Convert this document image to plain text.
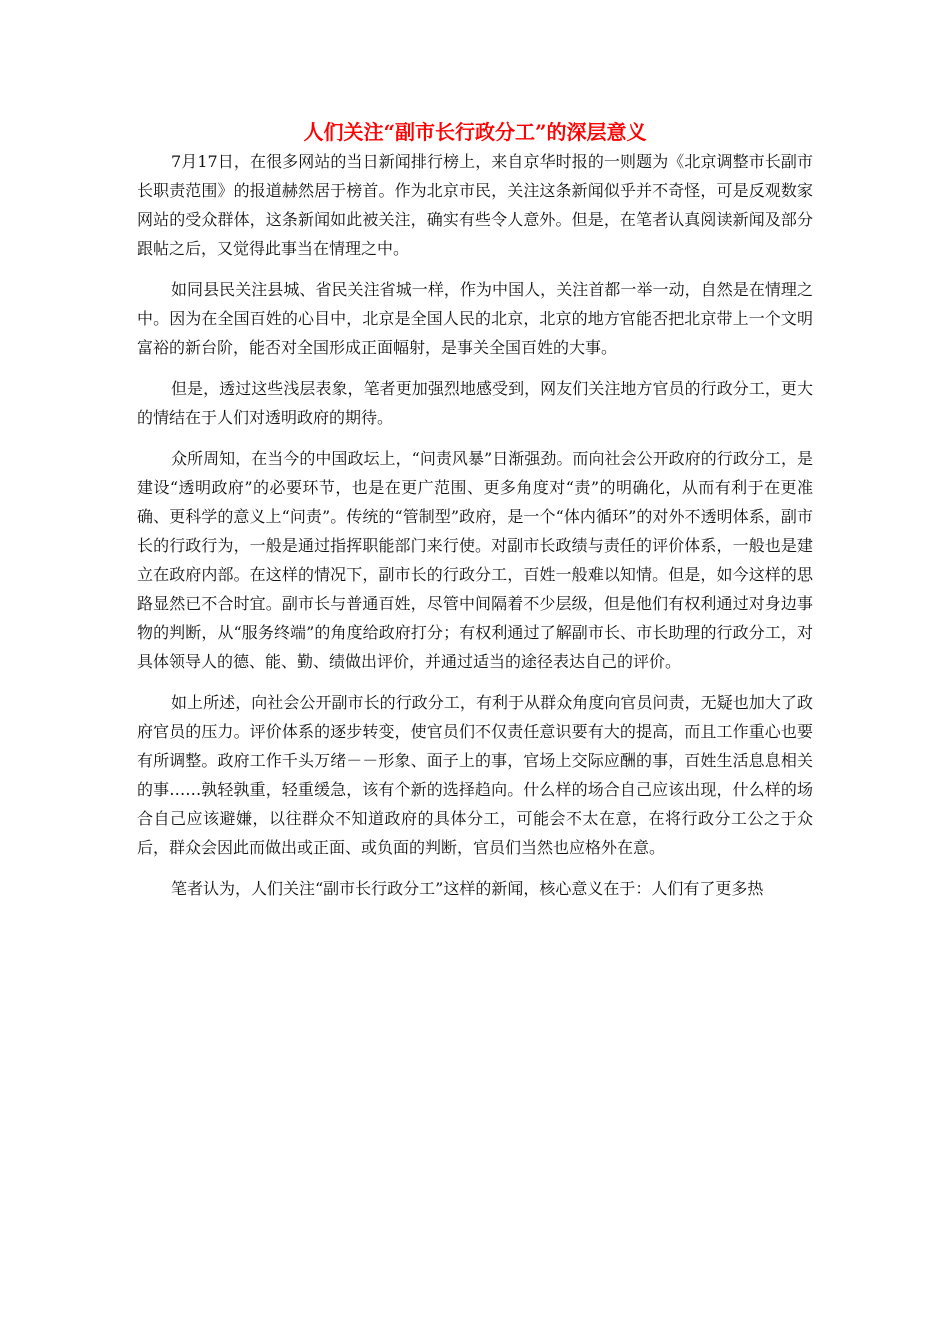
人们关注“副市长行政分工”的深层意义

7月17日，在很多网站的当日新闻排行榜上，来自京华时报的一则题为《北京调整市长副市长职责范围》的报道赫然居于榜首。作为北京市民，关注这条新闻似乎并不奇怪，可是反观数家网站的受众群体，这条新闻如此被关注，确实有些令人意外。但是，在笔者认真阅读新闻及部分跟帖之后，又觉得此事当在情理之中。

如同县民关注县城、省民关注省城一样，作为中国人，关注首都一举一动，自然是在情理之中。因为在全国百姓的心目中，北京是全国人民的北京，北京的地方官能否把北京带上一个文明富裕的新台阶，能否对全国形成正面幅射，是事关全国百姓的大事。

但是，透过这些浅层表象，笔者更加强烈地感受到，网友们关注地方官员的行政分工，更大的情结在于人们对透明政府的期待。

众所周知，在当今的中国政坛上，“问责风暴”日渐强劲。而向社会公开政府的行政分工，是建设“透明政府”的必要环节，也是在更广范围、更多角度对“责”的明确化，从而有利于在更准确、更科学的意义上“问责”。传统的“管制型”政府，是一个“体内循环”的对外不透明体系，副市长的行政行为，一般是通过指挥职能部门来行使。对副市长政绩与责任的评价体系，一般也是建立在政府内部。在这样的情况下，副市长的行政分工，百姓一般难以知情。但是，如今这样的思路显然已不合时宜。副市长与普通百姓，尽管中间隔着不少层级，但是他们有权利通过对身边事物的判断，从“服务终端”的角度给政府打分；有权利通过了解副市长、市长助理的行政分工，对具体领导人的德、能、勤、绩做出评价，并通过适当的途径表达自己的评价。

如上所述，向社会公开副市长的行政分工，有利于从群众角度向官员问责，无疑也加大了政府官员的压力。评价体系的逐步转变，使官员们不仅责任意识要有大的提高，而且工作重心也要有所调整。政府工作千头万绪－－形象、面子上的事，官场上交际应酬的事，百姓生活息息相关的事……孰轻孰重，轻重缓急，该有个新的选择趋向。什么样的场合自己应该出现，什么样的场合自己应该避嫌，以往群众不知道政府的具体分工，可能会不太在意，在将行政分工公之于众后，群众会因此而做出或正面、或负面的判断，官员们当然也应格外在意。

笔者认为，人们关注“副市长行政分工”这样的新闻，核心意义在于：人们有了更多热
